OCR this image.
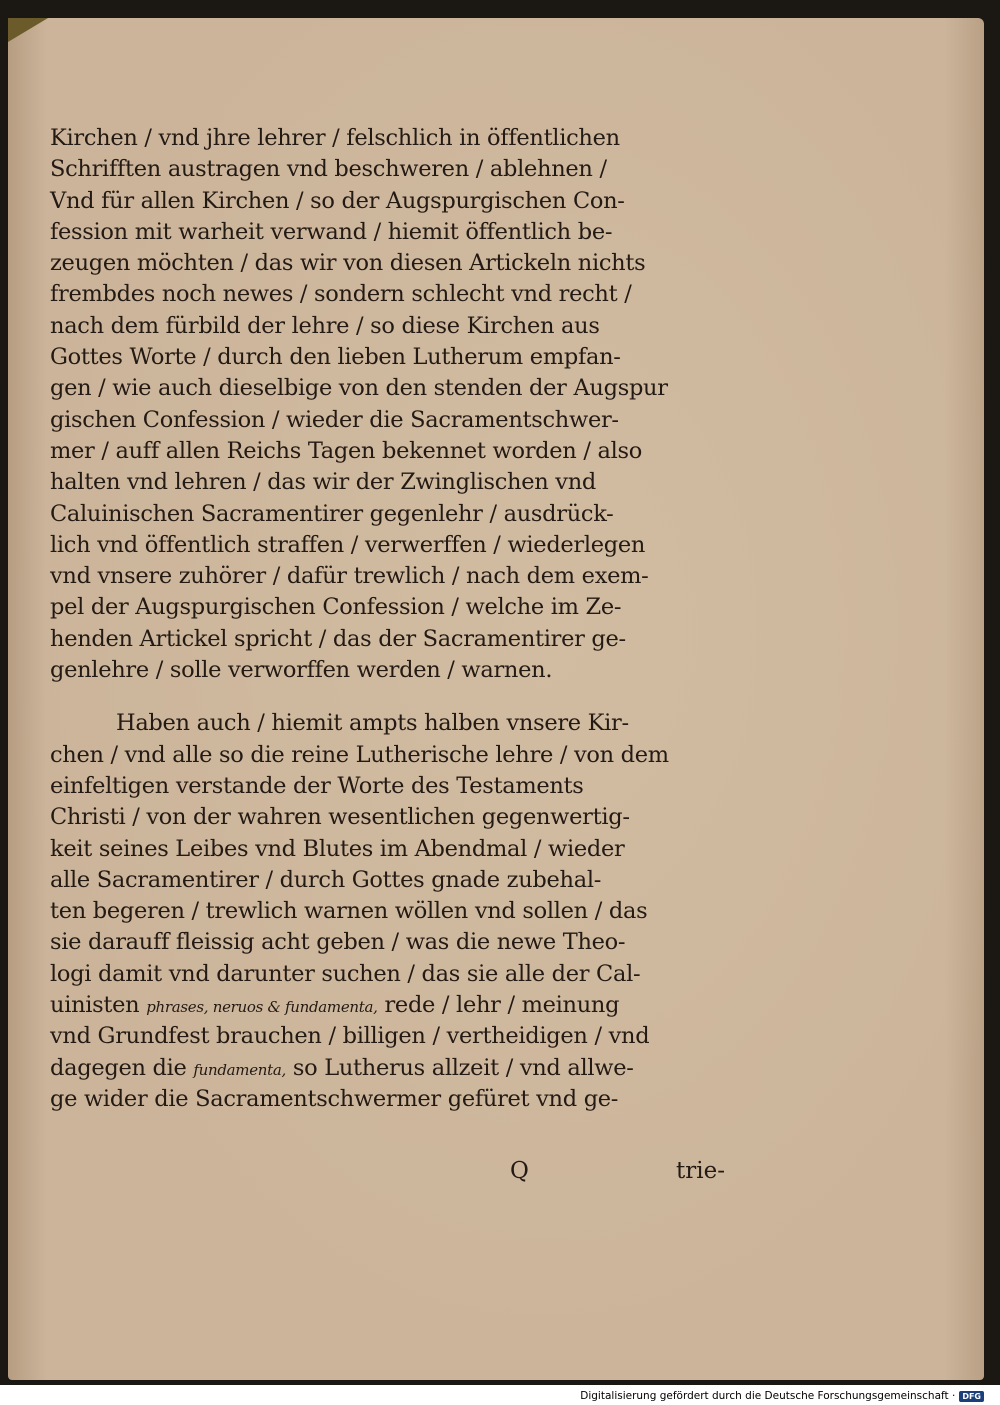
Kirchen / vnd jhre lehrer / felschlich in öffentlichen
Schrifften austragen vnd beschweren / ablehnen /
Vnd für allen Kirchen / so der Augspurgischen Con-
fession mit warheit verwand / hiemit öffentlich be-
zeugen möchten / das wir von diesen Artickeln nichts
frembdes noch newes / sondern schlecht vnd recht /
nach dem fürbild der lehre / so diese Kirchen aus
Gottes Worte / durch den lieben Lutherum empfan-
gen / wie auch dieselbige von den stenden der Augspur
gischen Confession / wieder die Sacramentschwer-
mer / auff allen Reichs Tagen bekennet worden / also
halten vnd lehren / das wir der Zwinglischen vnd
Caluinischen Sacramentirer gegenlehr / ausdrück-
lich vnd öffentlich straffen / verwerffen / wiederlegen
vnd vnsere zuhörer / dafür trewlich / nach dem exem-
pel der Augspurgischen Confession / welche im Ze-
henden Artickel spricht / das der Sacramentirer ge-
genlehre / solle verworffen werden / warnen.
Haben auch / hiemit ampts halben vnsere Kir-
chen / vnd alle so die reine Lutherische lehre / von dem
einfeltigen verstande der Worte des Testaments
Christi / von der wahren wesentlichen gegenwertig-
keit seines Leibes vnd Blutes im Abendmal / wieder
alle Sacramentirer / durch Gottes gnade zubehal-
ten begeren / trewlich warnen wöllen vnd sollen / das
sie darauff fleissig acht geben / was die newe Theo-
logi damit vnd darunter suchen / das sie alle der Cal-
uinisten phrases, neruos & fundamenta, rede / lehr / meinung
vnd Grundfest brauchen / billigen / vertheidigen / vnd
dagegen die fundamenta, so Lutherus allzeit / vnd allwe-
ge wider die Sacramentschwermer gefüret vnd ge-
Q	trie-
Digitalisierung gefördert durch die Deutsche Forschungsgemeinschaft · DFG
